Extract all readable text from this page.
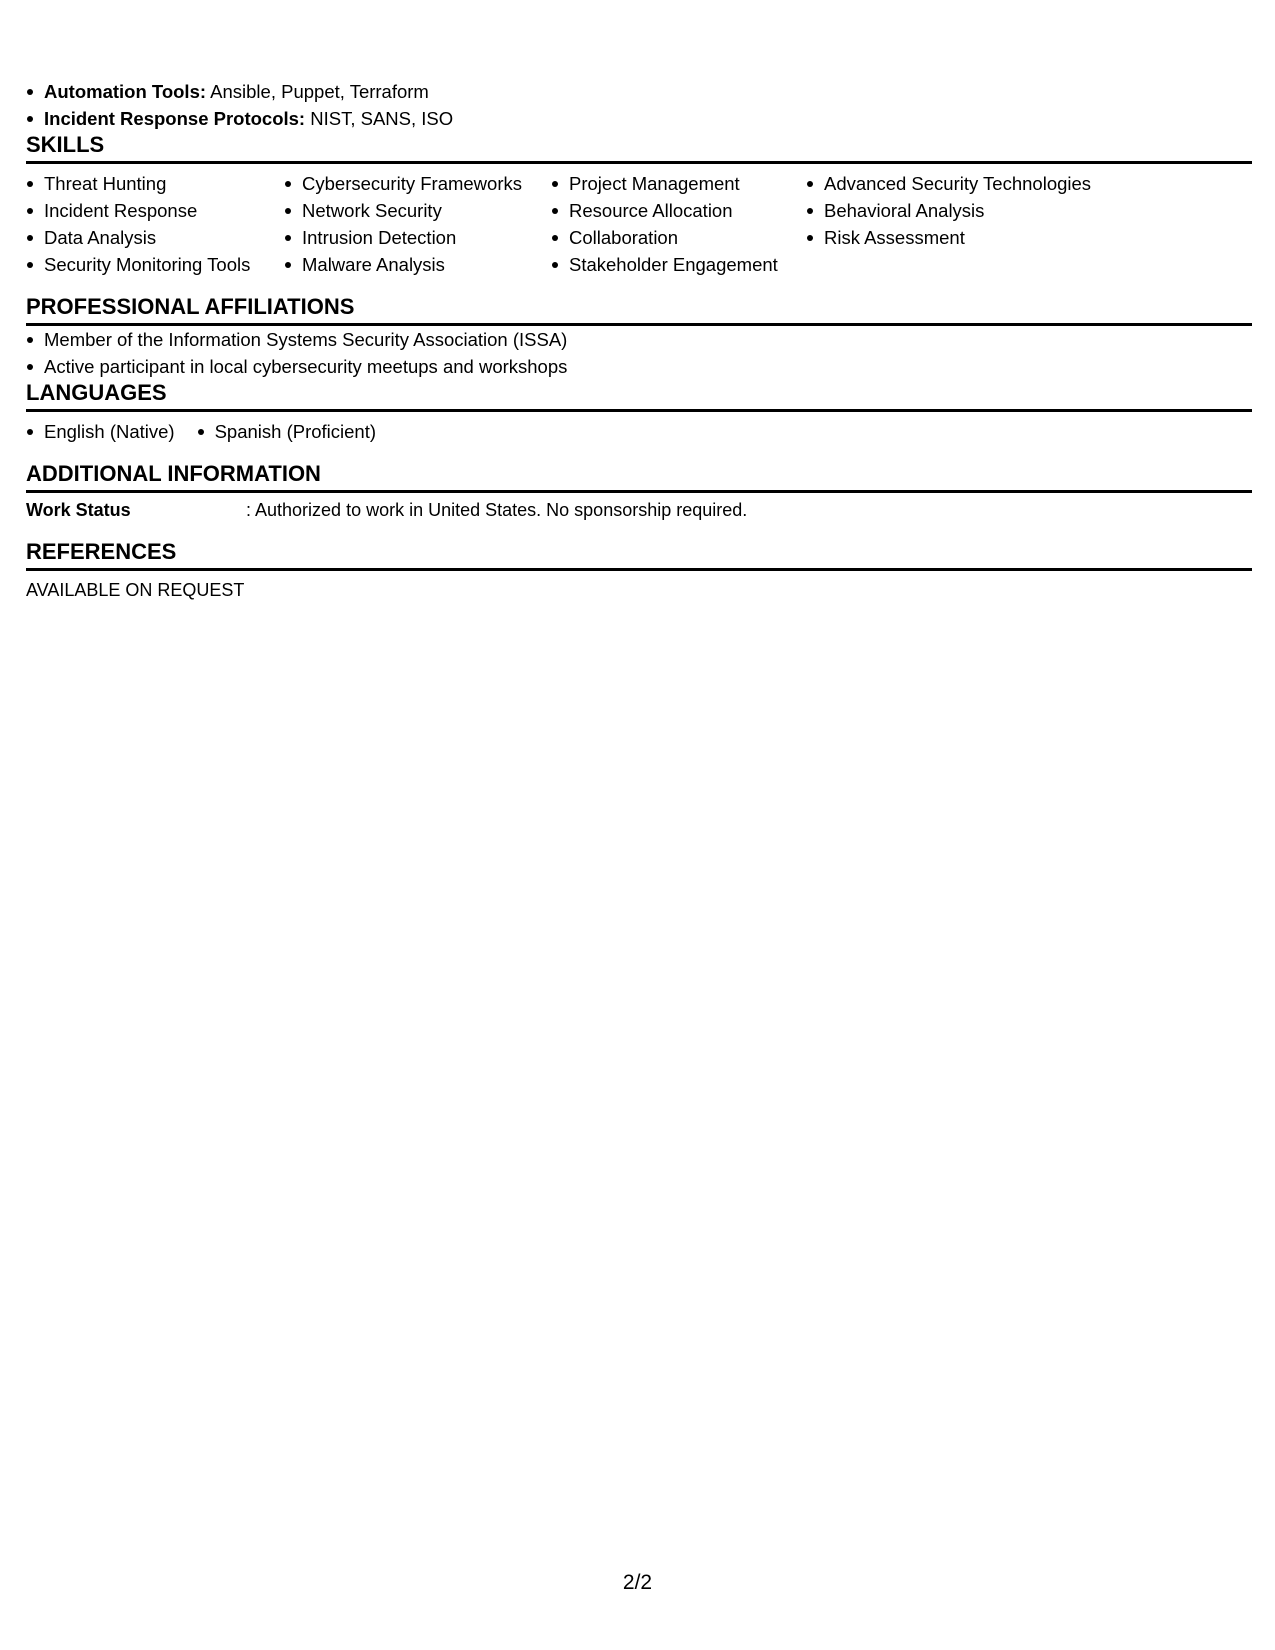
Automation Tools: Ansible, Puppet, Terraform
Incident Response Protocols: NIST, SANS, ISO
SKILLS
Threat Hunting
Incident Response
Data Analysis
Security Monitoring Tools
Cybersecurity Frameworks
Network Security
Intrusion Detection
Malware Analysis
Project Management
Resource Allocation
Collaboration
Stakeholder Engagement
Advanced Security Technologies
Behavioral Analysis
Risk Assessment
PROFESSIONAL AFFILIATIONS
Member of the Information Systems Security Association (ISSA)
Active participant in local cybersecurity meetups and workshops
LANGUAGES
English (Native)	Spanish (Proficient)
ADDITIONAL INFORMATION
Work Status	: Authorized to work in United States. No sponsorship required.
REFERENCES
AVAILABLE ON REQUEST
2/2
